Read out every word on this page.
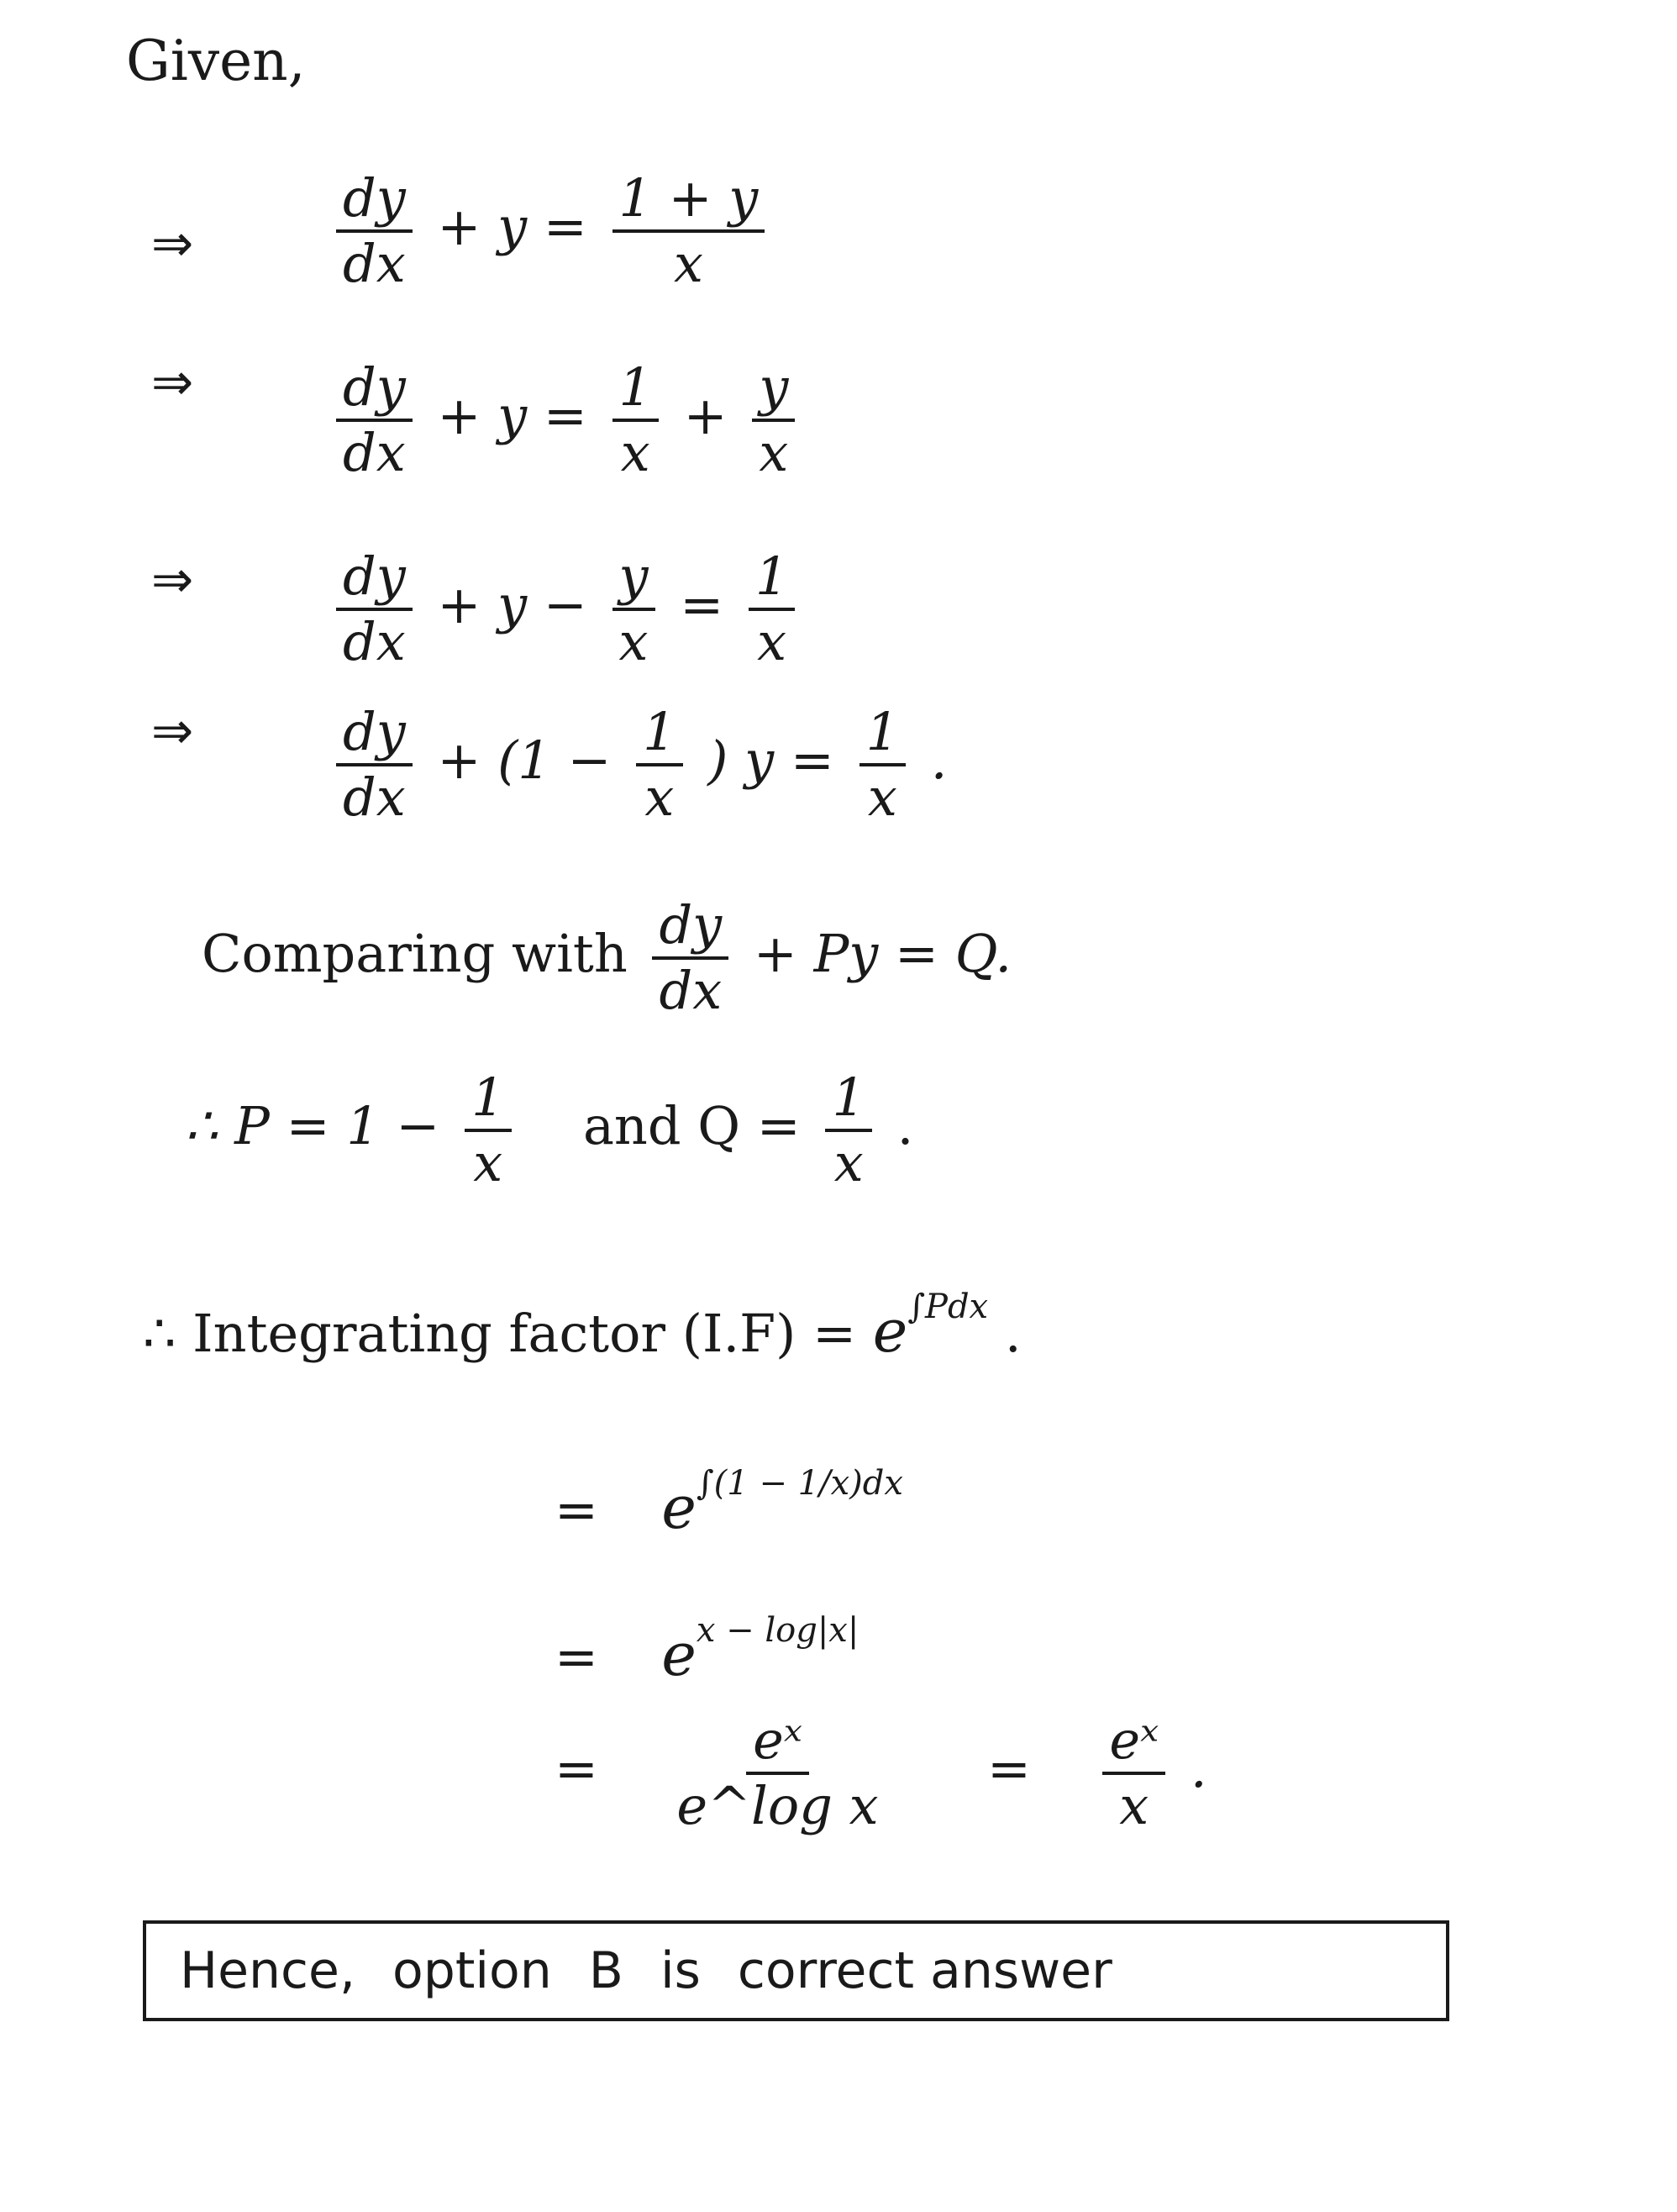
Given,
⇒	$\frac{dy}{dx} + y = \frac{1 + y}{x}$
⇒	$\frac{dy}{dx} + y = \frac{1}{x} + \frac{y}{x}$
⇒	$\frac{dy}{dx} + y - \frac{y}{x} = \frac{1}{x}$
⇒	$\frac{dy}{dx} + (1 - \frac{1}{x}$ ) $y = \frac{1}{x}$ .
Comparing with $\frac{dy}{dx} + Py = Q$.
∴ $P = 1 - \frac{1}{x}$ and $Q = \frac{1}{x}$ .
∴ Integrating factor $(I.F) = e^{\int Pdx}$ .
= $e^{\int(1 - 1/x)dx}$
= $e^{x - log|x|}$
= $\frac{\text{eˣ}}{\text{e\textasciicircum{}log x}} = \frac{\text{eˣ}}{x}$ .
Hence, option B is correct answer
